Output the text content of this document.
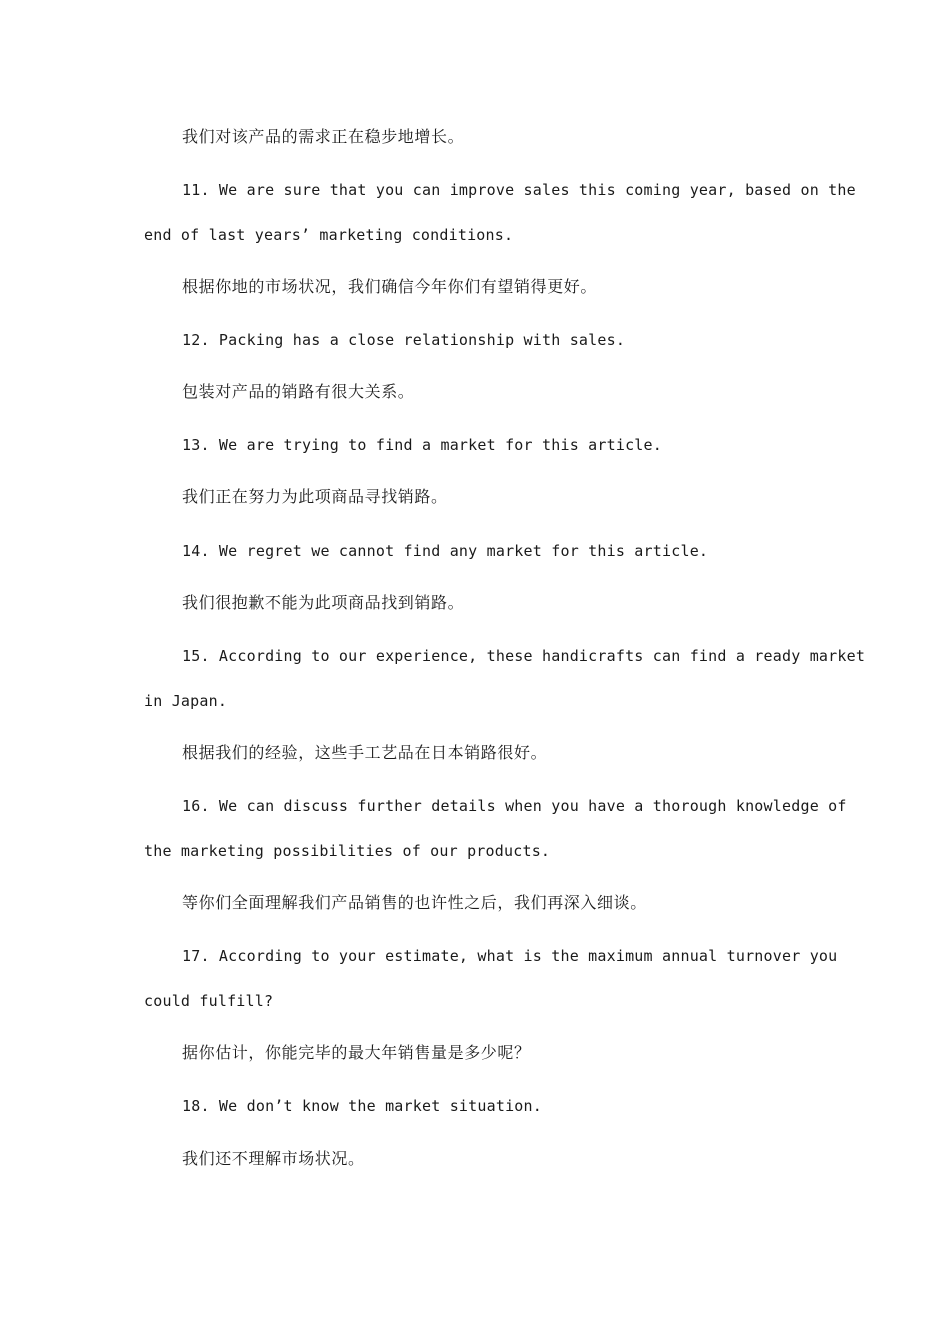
我们对该产品的需求正在稳步地增长。
11. We are sure that you can improve sales this coming year, based on the
end of last years’ marketing conditions.
根据你地的市场状况，我们确信今年你们有望销得更好。
12. Packing has a close relationship with sales.
包装对产品的销路有很大关系。
13. We are trying to find a market for this article.
我们正在努力为此项商品寻找销路。
14. We regret we cannot find any market for this article.
我们很抱歉不能为此项商品找到销路。
15. According to our experience, these handicrafts can find a ready market
in Japan.
根据我们的经验，这些手工艺品在日本销路很好。
16. We can discuss further details when you have a thorough knowledge of
the marketing possibilities of our products.
等你们全面理解我们产品销售的也许性之后，我们再深入细谈。
17. According to your estimate, what is the maximum annual turnover you
could fulfill?
据你估计，你能完毕的最大年销售量是多少呢？
18. We don’t know the market situation.
我们还不理解市场状况。
